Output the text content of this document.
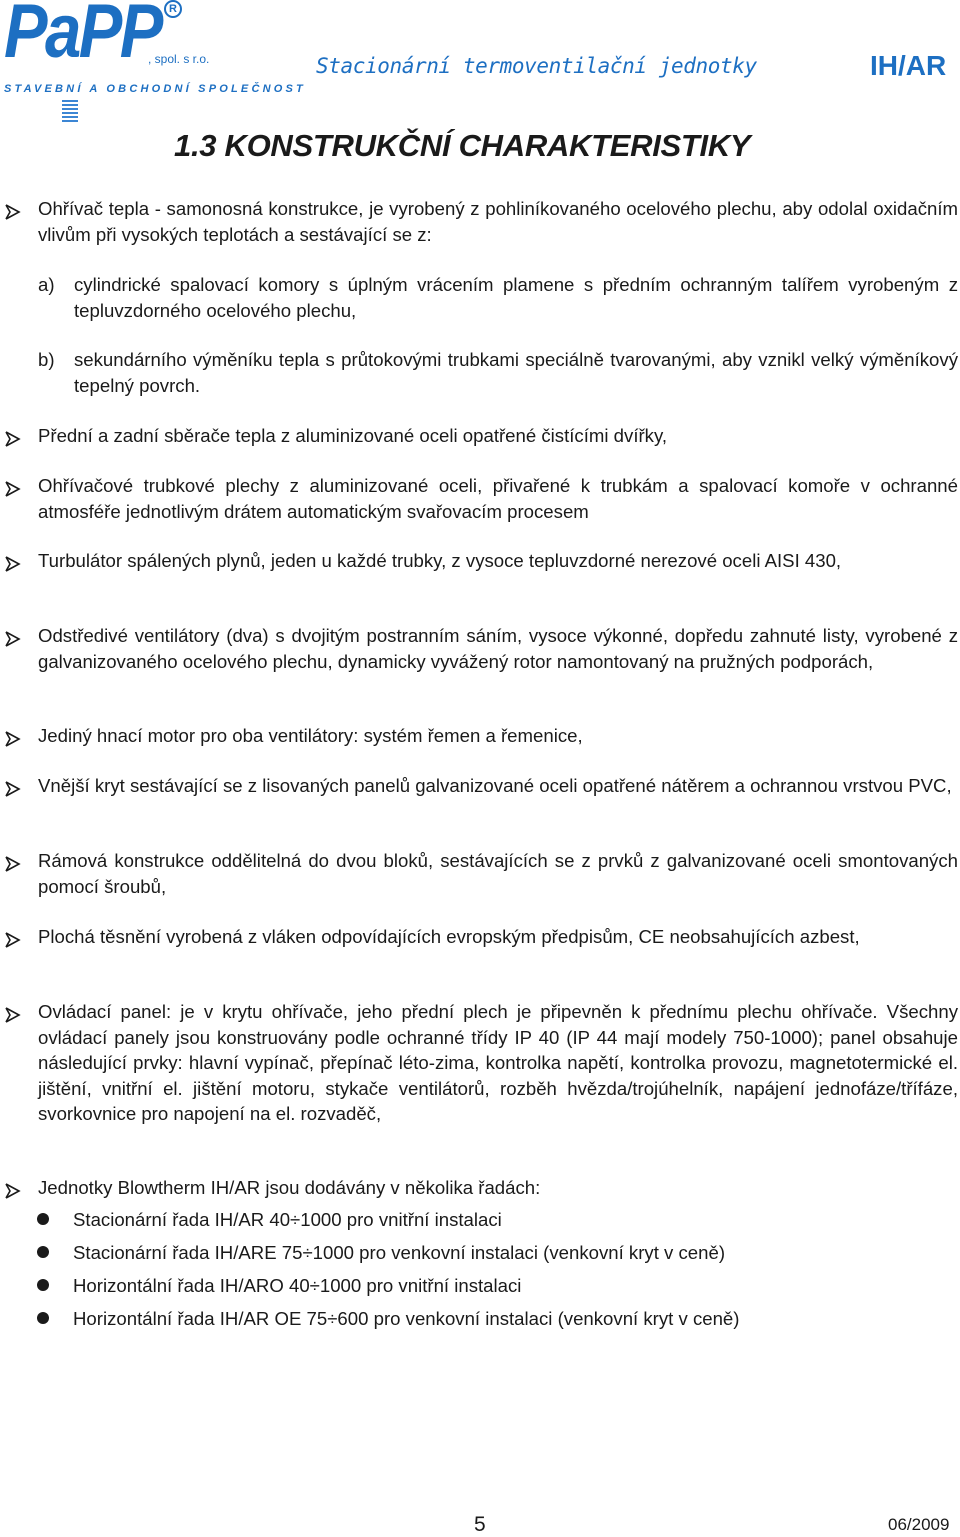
PaPP R
, spol. s r.o.
STAVEBNÍ A OBCHODNÍ SPOLEČNOST
Stacionární termoventilační jednotky	IH/AR
1.3 KONSTRUKČNÍ CHARAKTERISTIKY
Ohřívač tepla - samonosná konstrukce, je vyrobený z pohliníkovaného ocelového plechu, aby odolal oxidačním vlivům při vysokých teplotách a sestávající se z:
a) cylindrické spalovací komory s úplným vrácením plamene s předním ochranným talířem vyrobeným z tepluvzdorného ocelového plechu,
b) sekundárního výměníku tepla s průtokovými trubkami speciálně tvarovanými, aby vznikl velký výměníkový tepelný povrch.
Přední a zadní sběrače tepla z aluminizované oceli opatřené čistícími dvířky,
Ohřívačové trubkové plechy z aluminizované oceli, přivařené k trubkám a spalovací komoře v ochranné atmosféře jednotlivým drátem automatickým svařovacím procesem
Turbulátor spálených plynů, jeden u každé trubky, z vysoce tepluvzdorné nerezové oceli AISI 430,
Odstředivé ventilátory (dva) s dvojitým postranním sáním, vysoce výkonné, dopředu zahnuté listy, vyrobené z galvanizovaného ocelového plechu, dynamicky vyvážený rotor namontovaný na pružných podporách,
Jediný hnací motor pro oba ventilátory: systém řemen a řemenice,
Vnější kryt sestávající se z lisovaných panelů galvanizované oceli opatřené nátěrem a ochrannou vrstvou PVC,
Rámová konstrukce oddělitelná do dvou bloků, sestávajících se z prvků z galvanizované oceli smontovaných pomocí šroubů,
Plochá těsnění vyrobená z vláken odpovídajících evropským předpisům, CE neobsahujících azbest,
Ovládací panel: je v krytu ohřívače, jeho přední plech je připevněn k přednímu plechu ohřívače. Všechny ovládací panely jsou konstruovány podle ochranné třídy IP 40 (IP 44 mají modely 750-1000); panel obsahuje následující prvky: hlavní vypínač, přepínač léto-zima, kontrolka napětí, kontrolka provozu, magnetotermické el. jištění, vnitřní el. jištění motoru, stykače ventilátorů, rozběh hvězda/trojúhelník, napájení jednofáze/třífáze, svorkovnice pro napojení na el. rozvaděč,
Jednotky Blowtherm IH/AR jsou dodávány v několika řadách:
Stacionární řada IH/AR 40÷1000 pro vnitřní instalaci
Stacionární řada IH/ARE 75÷1000 pro venkovní instalaci (venkovní kryt v ceně)
Horizontální řada IH/ARO 40÷1000 pro vnitřní instalaci
Horizontální řada IH/AR OE 75÷600 pro venkovní instalaci (venkovní kryt v ceně)
5	06/2009
